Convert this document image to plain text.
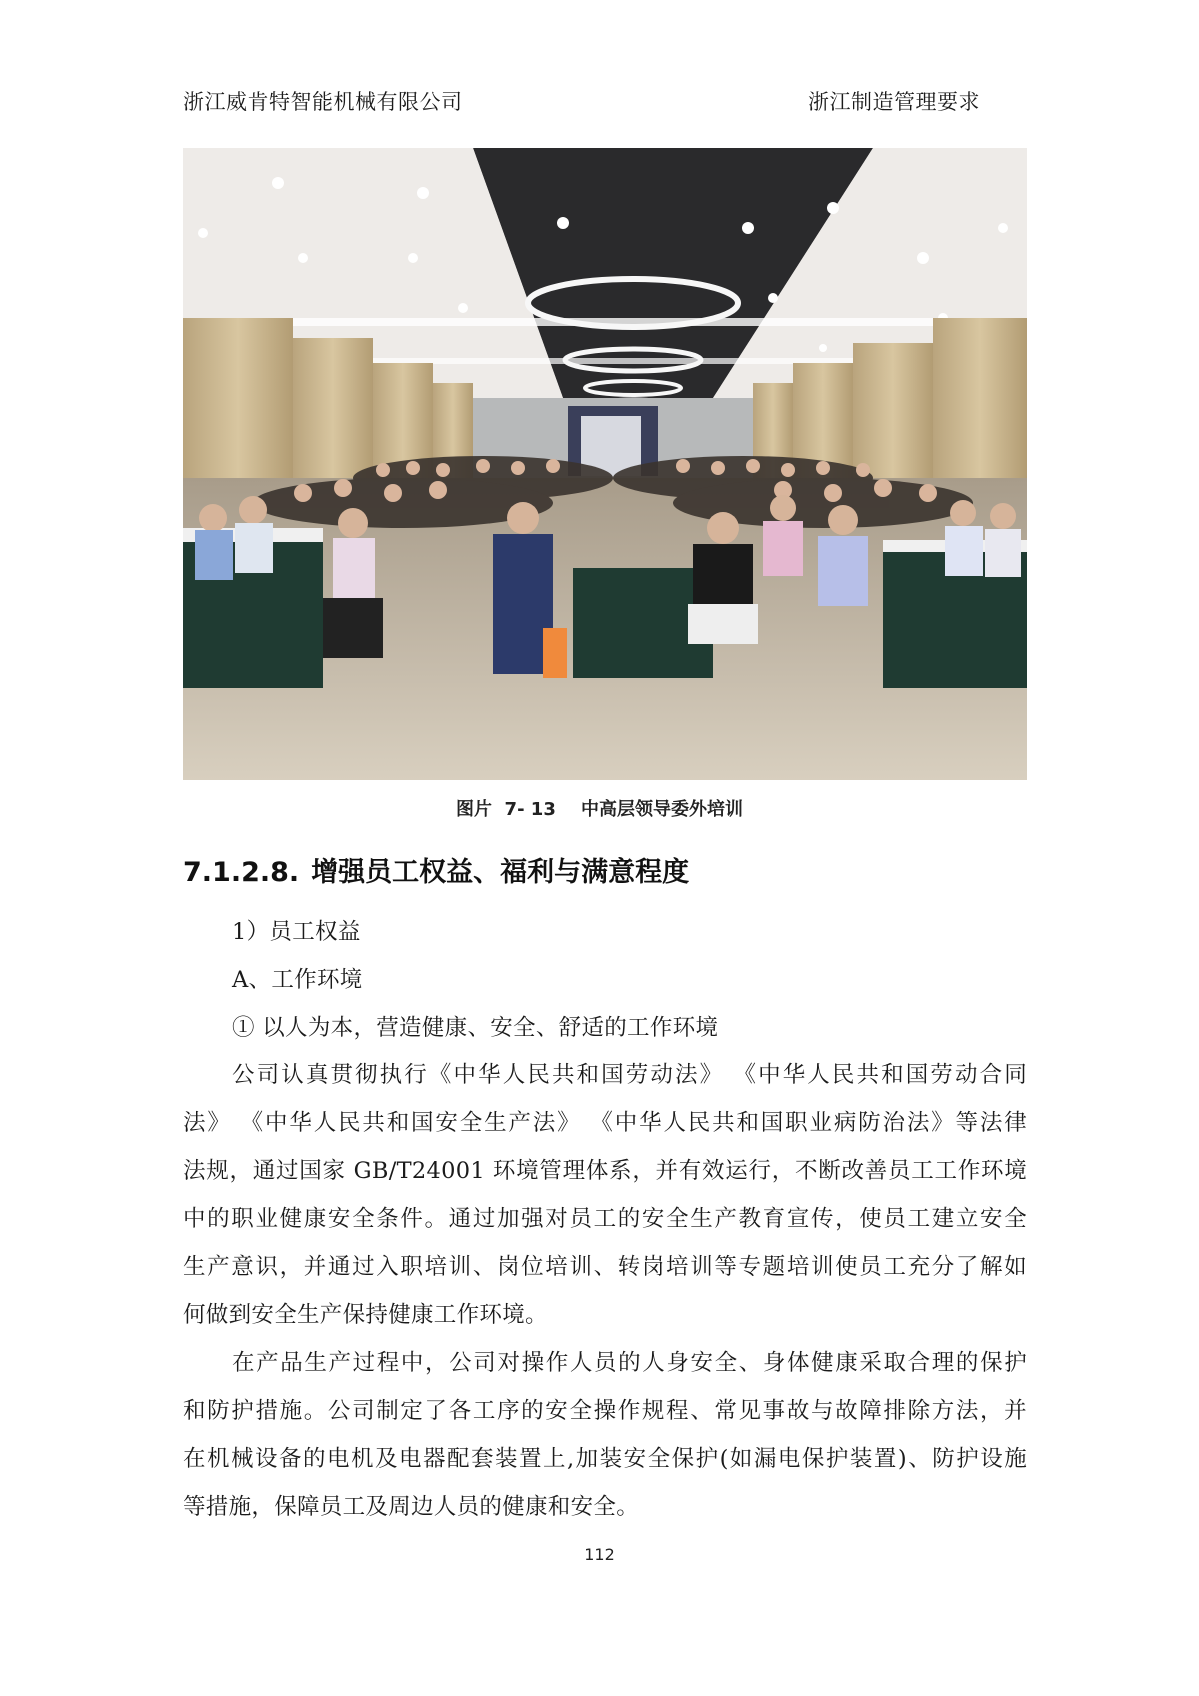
浙江威肯特智能机械有限公司	浙江制造管理要求
图片  7- 13 中高层领导委外培训
7.1.2.8. 增强员工权益、福利与满意程度
1）员工权益
A、工作环境
① 以人为本，营造健康、安全、舒适的工作环境
公司认真贯彻执行《中华人民共和国劳动法》 《中华人民共和国劳动合同
法》 《中华人民共和国安全生产法》 《中华人民共和国职业病防治法》等法律
法规，通过国家 GB/T24001 环境管理体系，并有效运行，不断改善员工工作环境
中的职业健康安全条件。通过加强对员工的安全生产教育宣传，使员工建立安全
生产意识，并通过入职培训、岗位培训、转岗培训等专题培训使员工充分了解如
何做到安全生产保持健康工作环境。
在产品生产过程中，公司对操作人员的人身安全、身体健康采取合理的保护
和防护措施。公司制定了各工序的安全操作规程、常见事故与故障排除方法，并
在机械设备的电机及电器配套装置上,加装安全保护(如漏电保护装置)、防护设施
等措施，保障员工及周边人员的健康和安全。
112
